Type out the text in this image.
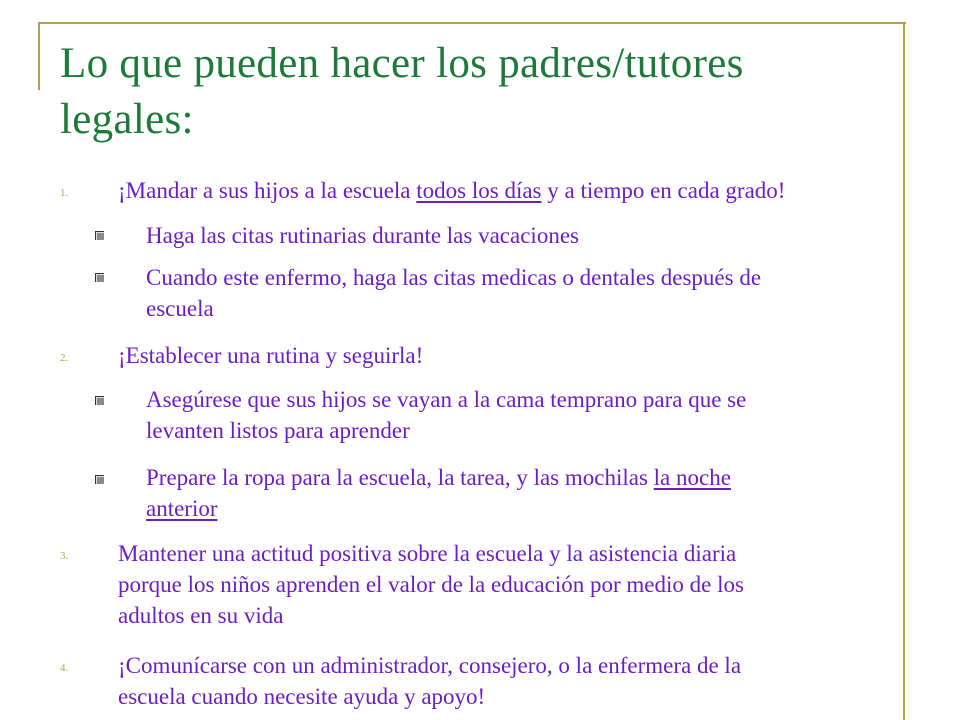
Lo que pueden hacer los padres/tutores
legales:
1. ¡Mandar a sus hijos a la escuela todos los días y a tiempo en cada grado!
Haga las citas rutinarias durante las vacaciones
Cuando este enfermo, haga las citas medicas o dentales después de
escuela
2. ¡Establecer una rutina y seguirla!
Asegúrese que sus hijos se vayan a la cama temprano para que se
levanten listos para aprender
Prepare la ropa para la escuela, la tarea, y las mochilas la noche
anterior
3. Mantener una actitud positiva sobre la escuela y la asistencia diaria
porque los niños aprenden el valor de la educación por medio de los
adultos en su vida
4. ¡Comunícarse con un administrador, consejero, o la enfermera de la
escuela cuando necesite ayuda y apoyo!
